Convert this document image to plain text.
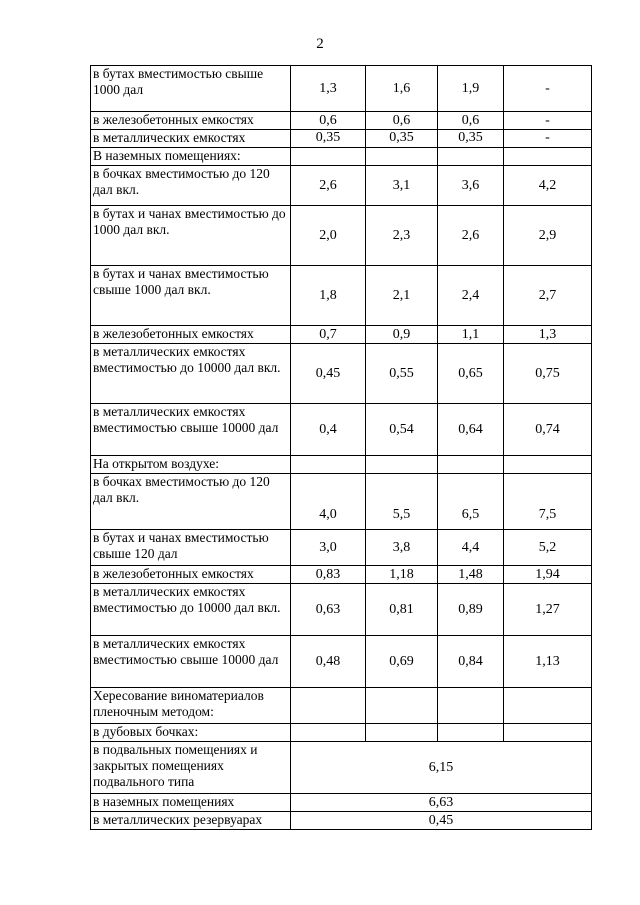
2
в бутах вместимостью свыше 1000 дал	1,3	1,6	1,9	-
в железобетонных емкостях	0,6	0,6	0,6	-
в металлических емкостях	0,35	0,35	0,35	-
В наземных помещениях:				
в бочках вместимостью до 120 дал вкл.	2,6	3,1	3,6	4,2
в бутах и чанах вместимостью до 1000 дал вкл.	2,0	2,3	2,6	2,9
в бутах и чанах вместимостью свыше 1000 дал вкл.	1,8	2,1	2,4	2,7
в железобетонных емкостях	0,7	0,9	1,1	1,3
в металлических емкостях вместимостью до 10000 дал вкл.	0,45	0,55	0,65	0,75
в металлических емкостях вместимостью свыше 10000 дал	0,4	0,54	0,64	0,74
На открытом воздухе:				
в бочках вместимостью до 120 дал вкл.	4,0	5,5	6,5	7,5
в бутах и чанах вместимостью свыше 120 дал	3,0	3,8	4,4	5,2
в железобетонных емкостях	0,83	1,18	1,48	1,94
в металлических емкостях вместимостью до 10000 дал вкл.	0,63	0,81	0,89	1,27
в металлических емкостях вместимостью свыше 10000 дал	0,48	0,69	0,84	1,13
Хересование виноматериалов пленочным методом:				
в дубовых бочках:				
в подвальных помещениях и закрытых помещениях подвального типа	6,15			
в наземных помещениях	6,63			
в металлических резервуарах	0,45			
